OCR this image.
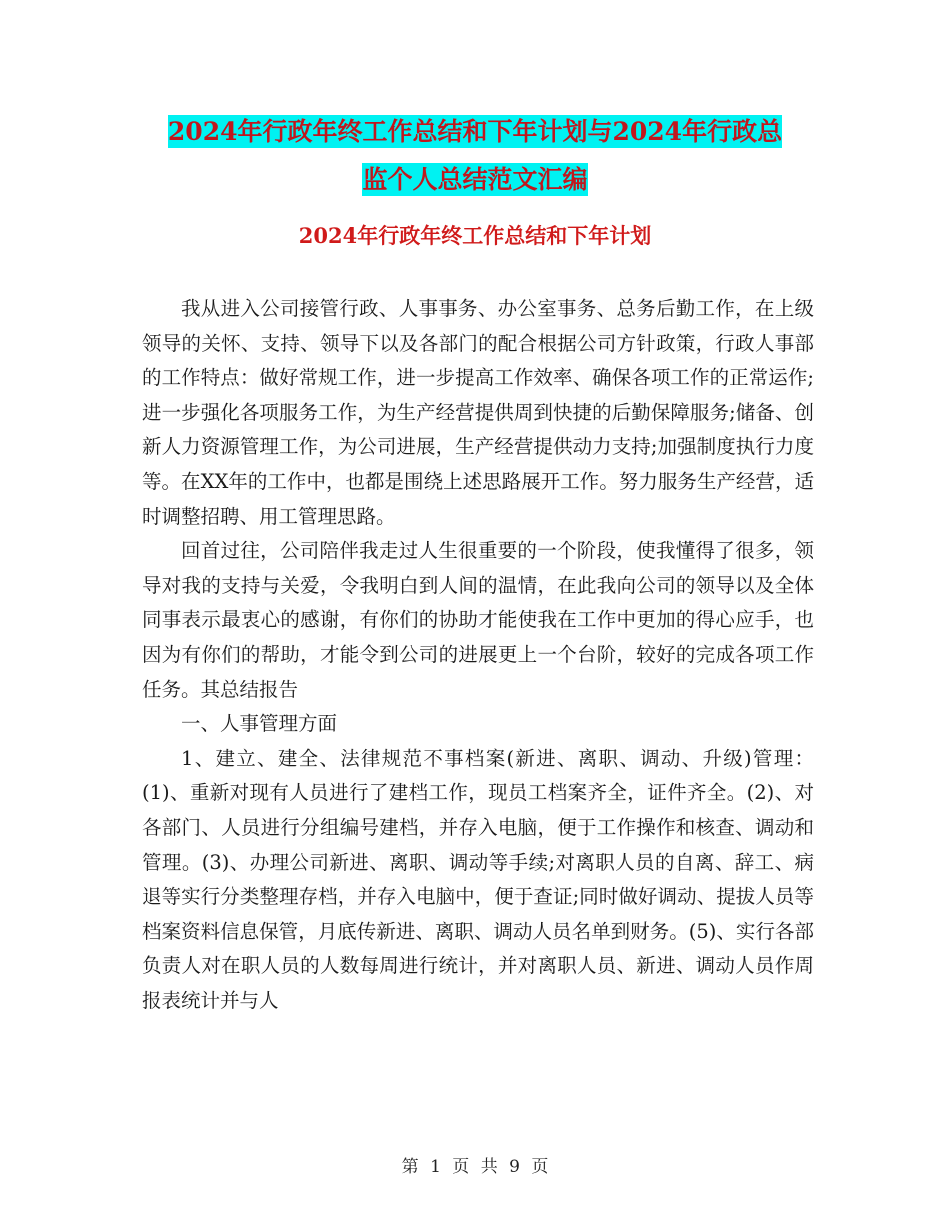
2024年行政年终工作总结和下年计划与2024年行政总
监个人总结范文汇编
2024年行政年终工作总结和下年计划

我从进入公司接管行政、人事事务、办公室事务、总务后勤工作，在上级领导的关怀、支持、领导下以及各部门的配合根据公司方针政策，行政人事部的工作特点：做好常规工作，进一步提高工作效率、确保各项工作的正常运作;进一步强化各项服务工作，为生产经营提供周到快捷的后勤保障服务;储备、创新人力资源管理工作，为公司进展，生产经营提供动力支持;加强制度执行力度等。在XX年的工作中，也都是围绕上述思路展开工作。努力服务生产经营，适时调整招聘、用工管理思路。

回首过往，公司陪伴我走过人生很重要的一个阶段，使我懂得了很多，领导对我的支持与关爱，令我明白到人间的温情，在此我向公司的领导以及全体同事表示最衷心的感谢，有你们的协助才能使我在工作中更加的得心应手，也因为有你们的帮助，才能令到公司的进展更上一个台阶，较好的完成各项工作任务。其总结报告

一、人事管理方面

1、建立、建全、法律规范不事档案(新进、离职、调动、升级)管理：(1)、重新对现有人员进行了建档工作，现员工档案齐全，证件齐全。(2)、对各部门、人员进行分组编号建档，并存入电脑，便于工作操作和核查、调动和管理。(3)、办理公司新进、离职、调动等手续;对离职人员的自离、辞工、病退等实行分类整理存档，并存入电脑中，便于查证;同时做好调动、提拔人员等档案资料信息保管，月底传新进、离职、调动人员名单到财务。(5)、实行各部负责人对在职人员的人数每周进行统计，并对离职人员、新进、调动人员作周报表统计并与人

第 1 页 共 9 页
